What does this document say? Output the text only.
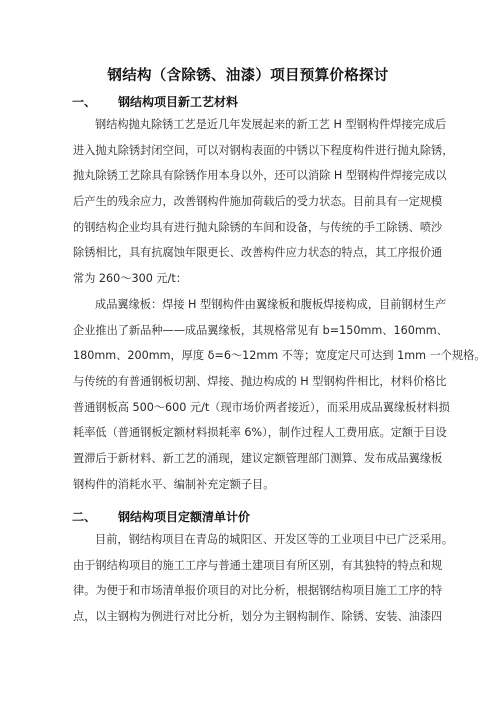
钢结构（含除锈、油漆）项目预算价格探讨
一、 钢结构项目新工艺材料
钢结构抛丸除锈工艺是近几年发展起来的新工艺 H 型钢构件焊接完成后
进入抛丸除锈封闭空间，可以对钢构表面的中锈以下程度构件进行抛丸除锈，
抛丸除锈工艺除具有除锈作用本身以外，还可以消除 H 型钢构件焊接完成以
后产生的残余应力，改善钢构件施加荷载后的受力状态。目前具有一定规模
的钢结构企业均具有进行抛丸除锈的车间和设备，与传统的手工除锈、喷沙
除锈相比，具有抗腐蚀年限更长、改善构件应力状态的特点，其工序报价通
常为 260～300 元/t：
成品翼缘板：焊接 H 型钢构件由翼缘板和腹板焊接构成，目前钢材生产
企业推出了新品种——成品翼缘板，其规格常见有 b=150mm、160mm、
180mm、200mm，厚度 δ=6～12mm 不等；宽度定尺可达到 1mm 一个规格。
与传统的有普通钢板切割、焊接、抛边构成的 H 型钢构件相比，材料价格比
普通钢板高 500～600 元/t（现市场价两者接近），而采用成品翼缘板材料损
耗率低（普通钢板定额材料损耗率 6%），制作过程人工费用底。定额于目设
置滞后于新材料、新工艺的涌现，建议定额管理部门测算、发布成品翼缘板
钢构件的消耗水平、编制补充定额子目。
二、 钢结构项目定额清单计价
目前，钢结构项目在青岛的城阳区、开发区等的工业项目中已广泛采用。
由于钢结构项目的施工工序与普通土建项目有所区别，有其独特的特点和规
律。为便于和市场清单报价项目的对比分析，根据钢结构项目施工工序的特
点，以主钢构为例进行对比分析，划分为主钢构制作、除锈、安装、油漆四
